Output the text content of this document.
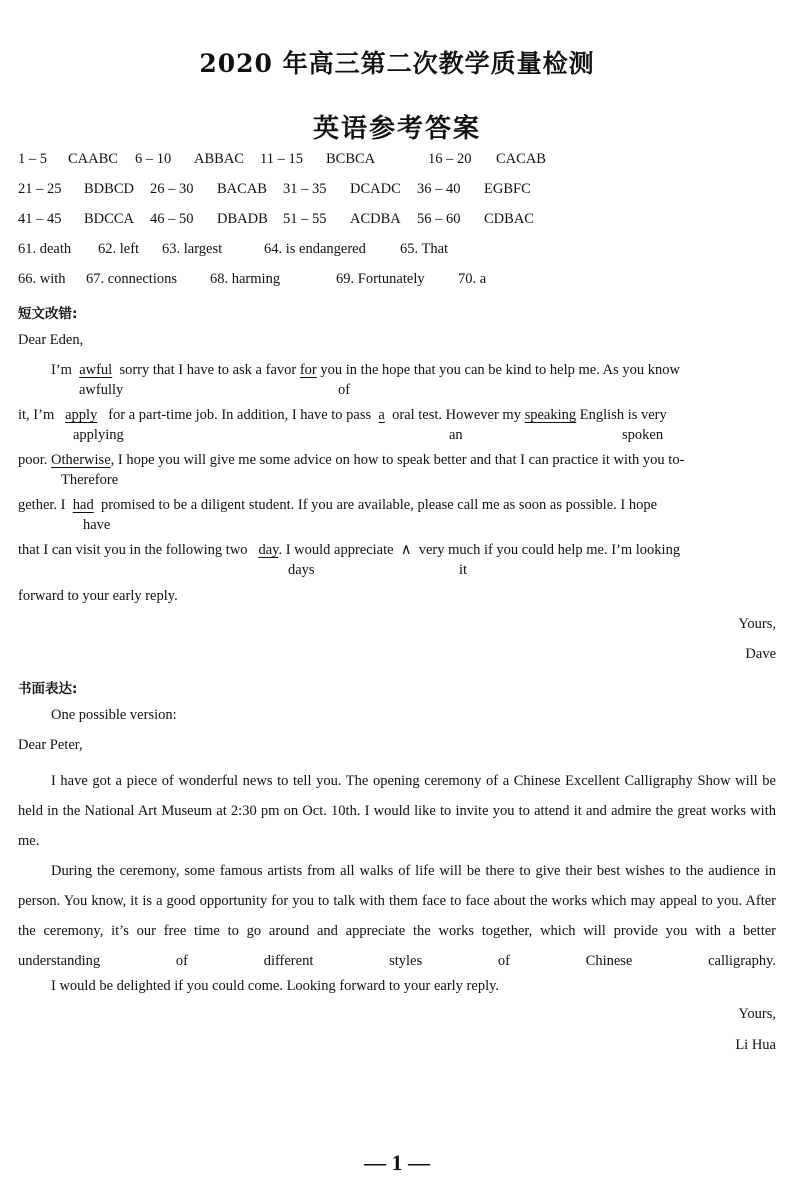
2020 年高三第二次教学质量检测
英语参考答案
1 – 5 CAABC 6 – 10 ABBAC 11 – 15 BCBCA	16 – 20 CACAB
21 – 25 BDBCD 26 – 30 BACAB 31 – 35 DCADC 36 – 40 EGBFC
41 – 45 BDCCA 46 – 50 DBADB 51 – 55 ACDBA 56 – 60 CDBAC
61. death 62. left 63. largest	64. is endangered 65. That
66. with 67. connections 68. harming	69. Fortunately 70. a
短文改错:
Dear Eden,
I’m awful sorry that I have to ask a favor for you in the hope that you can be kind to help me. As you know
awfully	of
it, I’m apply for a part-time job. In addition, I have to pass a oral test. However my speaking English is very
applying	an	spoken
poor. Otherwise, I hope you will give me some advice on how to speak better and that I can practice it with you to-
Therefore
gether. I had promised to be a diligent student. If you are available, please call me as soon as possible. I hope
have
that I can visit you in the following two day. I would appreciate ∧ very much if you could help me. I’m looking
days	it
forward to your early reply.
Yours,
Dave
书面表达:
One possible version:
Dear Peter,
I have got a piece of wonderful news to tell you. The opening ceremony of a Chinese Excellent Calligraphy Show will be held in the National Art Museum at 2:30 pm on Oct. 10th. I would like to invite you to attend it and admire the great works with me.
During the ceremony, some famous artists from all walks of life will be there to give their best wishes to the audience in person. You know, it is a good opportunity for you to talk with them face to face about the works which may appeal to you. After the ceremony, it’s our free time to go around and appreciate the works together, which will provide you with a better understanding of different styles of Chinese calligraphy.
I would be delighted if you could come. Looking forward to your early reply.
Yours,
Li Hua
— 1 —
